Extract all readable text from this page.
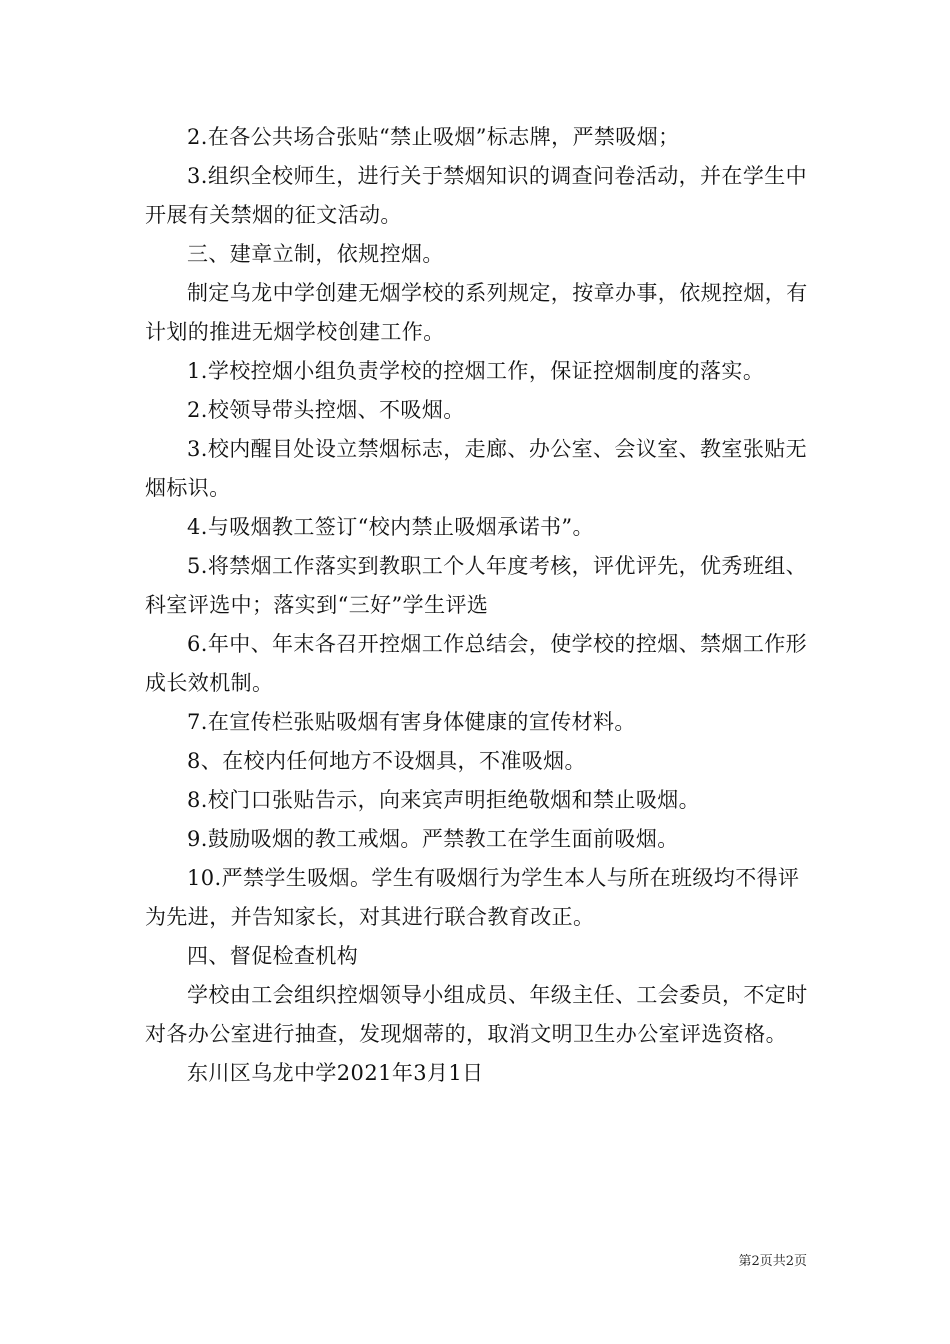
2.在各公共场合张贴“禁止吸烟”标志牌，严禁吸烟；

3.组织全校师生，进行关于禁烟知识的调查问卷活动，并在学生中开展有关禁烟的征文活动。

三、建章立制，依规控烟。

制定乌龙中学创建无烟学校的系列规定，按章办事，依规控烟，有计划的推进无烟学校创建工作。

1.学校控烟小组负责学校的控烟工作，保证控烟制度的落实。

2.校领导带头控烟、不吸烟。

3.校内醒目处设立禁烟标志，走廊、办公室、会议室、教室张贴无烟标识。

4.与吸烟教工签订“校内禁止吸烟承诺书”。

5.将禁烟工作落实到教职工个人年度考核，评优评先，优秀班组、科室评选中；落实到“三好”学生评选

6.年中、年末各召开控烟工作总结会，使学校的控烟、禁烟工作形成长效机制。

7.在宣传栏张贴吸烟有害身体健康的宣传材料。

8、在校内任何地方不设烟具，不准吸烟。

8.校门口张贴告示，向来宾声明拒绝敬烟和禁止吸烟。

9.鼓励吸烟的教工戒烟。严禁教工在学生面前吸烟。

10.严禁学生吸烟。学生有吸烟行为学生本人与所在班级均不得评为先进，并告知家长，对其进行联合教育改正。

四、督促检查机构

学校由工会组织控烟领导小组成员、年级主任、工会委员，不定时对各办公室进行抽查，发现烟蒂的，取消文明卫生办公室评选资格。

东川区乌龙中学2021年3月1日

第2页共2页
